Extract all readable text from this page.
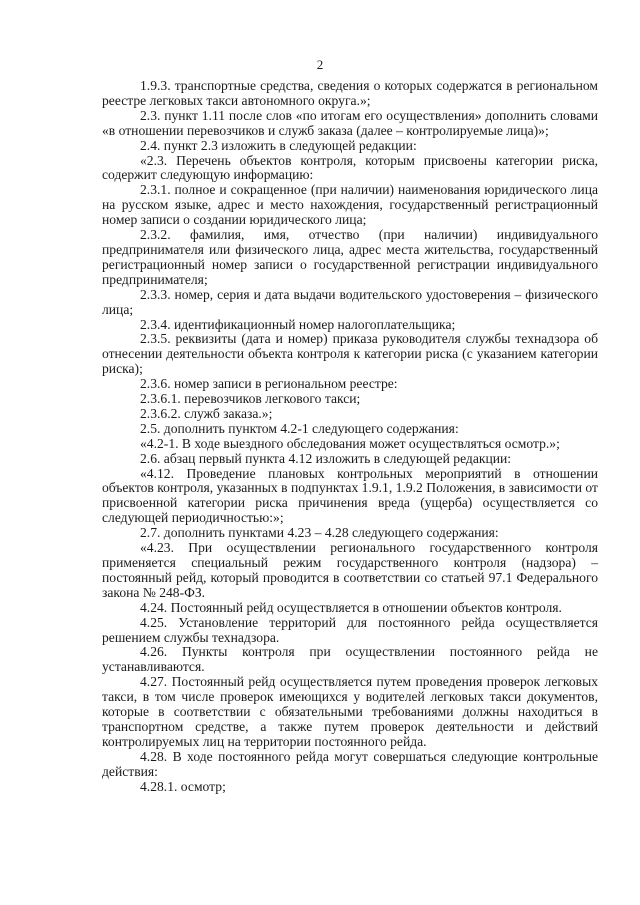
2

1.9.3. транспортные средства, сведения о которых содержатся в региональном реестре легковых такси автономного округа.»;

2.3. пункт 1.11 после слов «по итогам его осуществления» дополнить словами «в отношении перевозчиков и служб заказа (далее – контролируемые лица)»;

2.4. пункт 2.3 изложить в следующей редакции:

«2.3. Перечень объектов контроля, которым присвоены категории риска, содержит следующую информацию:

2.3.1. полное и сокращенное (при наличии) наименования юридического лица на русском языке, адрес и место нахождения, государственный регистрационный номер записи о создании юридического лица;

2.3.2. фамилия, имя, отчество (при наличии) индивидуального предпринимателя или физического лица, адрес места жительства, государственный регистрационный номер записи о государственной регистрации индивидуального предпринимателя;

2.3.3. номер, серия и дата выдачи водительского удостоверения – физического лица;

2.3.4. идентификационный номер налогоплательщика;

2.3.5. реквизиты (дата и номер) приказа руководителя службы технадзора об отнесении деятельности объекта контроля к категории риска (с указанием категории риска);

2.3.6. номер записи в региональном реестре:

2.3.6.1. перевозчиков легкового такси;

2.3.6.2. служб заказа.»;

2.5. дополнить пунктом 4.2-1 следующего содержания:

«4.2-1. В ходе выездного обследования может осуществляться осмотр.»;

2.6. абзац первый пункта 4.12 изложить в следующей редакции:

«4.12. Проведение плановых контрольных мероприятий в отношении объектов контроля, указанных в подпунктах 1.9.1, 1.9.2 Положения, в зависимости от присвоенной категории риска причинения вреда (ущерба) осуществляется со следующей периодичностью:»;

2.7. дополнить пунктами 4.23 – 4.28 следующего содержания:

«4.23. При осуществлении регионального государственного контроля применяется специальный режим государственного контроля (надзора) – постоянный рейд, который проводится в соответствии со статьей 97.1 Федерального закона № 248-ФЗ.

4.24. Постоянный рейд осуществляется в отношении объектов контроля.

4.25. Установление территорий для постоянного рейда осуществляется решением службы технадзора.

4.26. Пункты контроля при осуществлении постоянного рейда не устанавливаются.

4.27. Постоянный рейд осуществляется путем проведения проверок легковых такси, в том числе проверок имеющихся у водителей легковых такси документов, которые в соответствии с обязательными требованиями должны находиться в транспортном средстве, а также путем проверок деятельности и действий контролируемых лиц на территории постоянного рейда.

4.28. В ходе постоянного рейда могут совершаться следующие контрольные действия:

4.28.1. осмотр;
